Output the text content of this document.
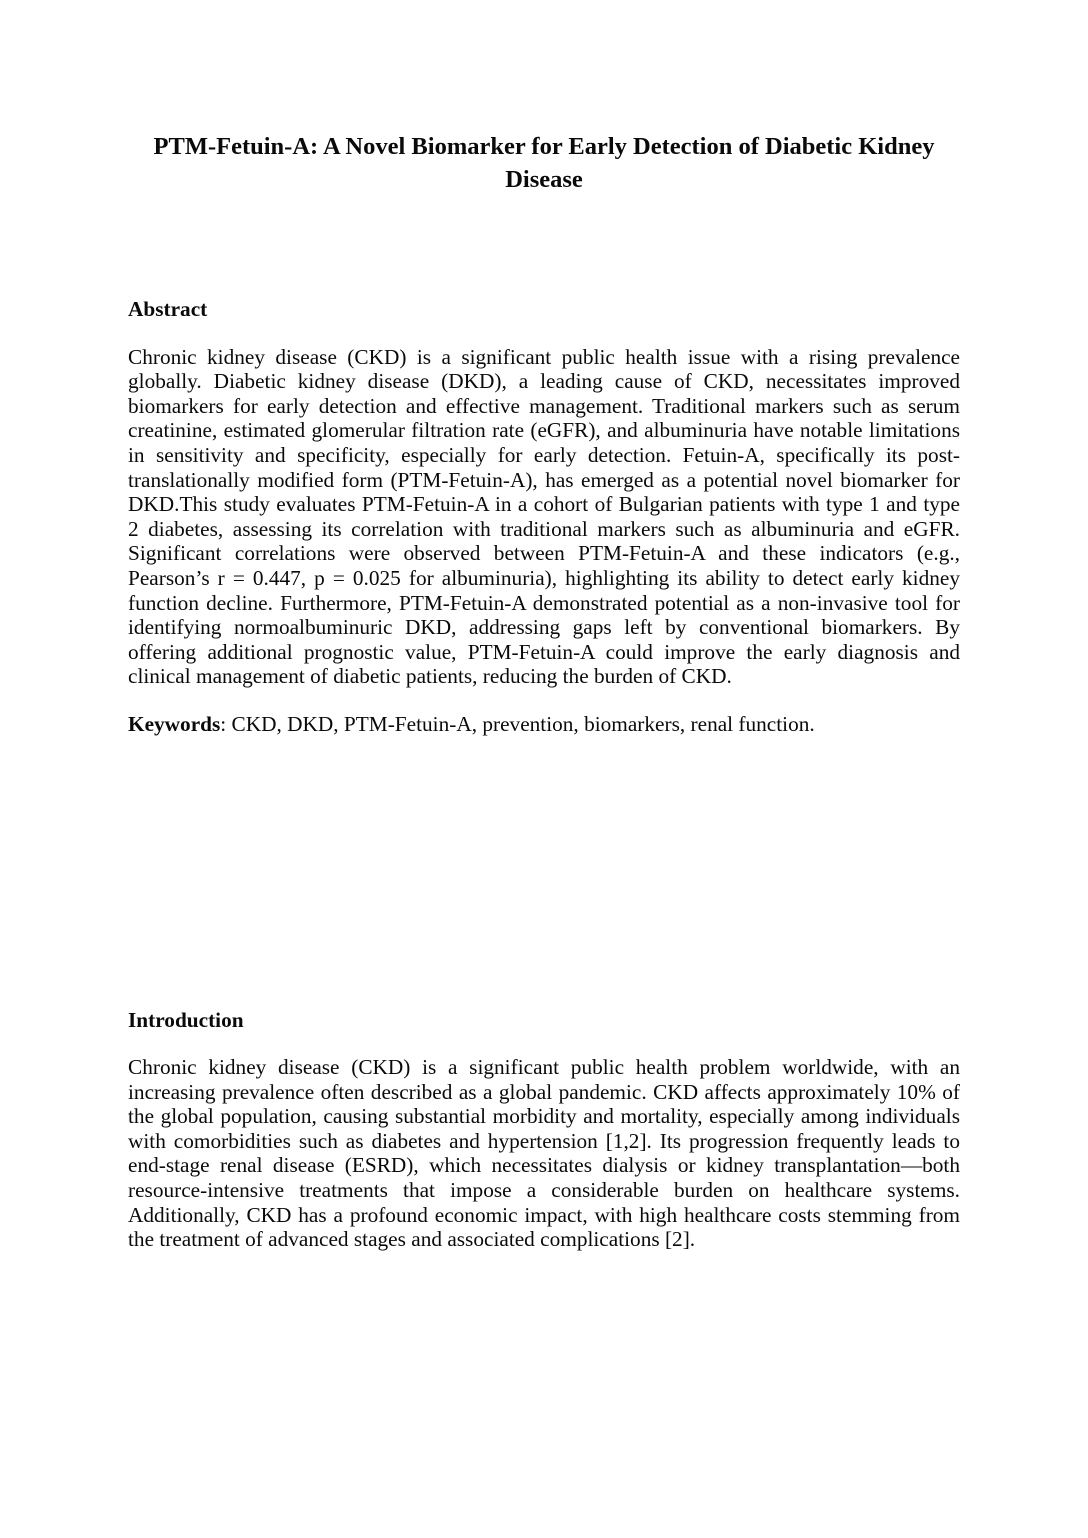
PTM-Fetuin-A: A Novel Biomarker for Early Detection of Diabetic Kidney Disease
Abstract

Chronic kidney disease (CKD) is a significant public health issue with a rising prevalence globally. Diabetic kidney disease (DKD), a leading cause of CKD, necessitates improved biomarkers for early detection and effective management. Traditional markers such as serum creatinine, estimated glomerular filtration rate (eGFR), and albuminuria have notable limitations in sensitivity and specificity, especially for early detection. Fetuin-A, specifically its post-translationally modified form (PTM-Fetuin-A), has emerged as a potential novel biomarker for DKD.This study evaluates PTM-Fetuin-A in a cohort of Bulgarian patients with type 1 and type 2 diabetes, assessing its correlation with traditional markers such as albuminuria and eGFR. Significant correlations were observed between PTM-Fetuin-A and these indicators (e.g., Pearson’s r = 0.447, p = 0.025 for albuminuria), highlighting its ability to detect early kidney function decline. Furthermore, PTM-Fetuin-A demonstrated potential as a non-invasive tool for identifying normoalbuminuric DKD, addressing gaps left by conventional biomarkers. By offering additional prognostic value, PTM-Fetuin-A could improve the early diagnosis and clinical management of diabetic patients, reducing the burden of CKD.

Keywords: CKD, DKD, PTM-Fetuin-A, prevention, biomarkers, renal function.

Introduction

Chronic kidney disease (CKD) is a significant public health problem worldwide, with an increasing prevalence often described as a global pandemic. CKD affects approximately 10% of the global population, causing substantial morbidity and mortality, especially among individuals with comorbidities such as diabetes and hypertension [1,2]. Its progression frequently leads to end-stage renal disease (ESRD), which necessitates dialysis or kidney transplantation—both resource-intensive treatments that impose a considerable burden on healthcare systems. Additionally, CKD has a profound economic impact, with high healthcare costs stemming from the treatment of advanced stages and associated complications [2].
